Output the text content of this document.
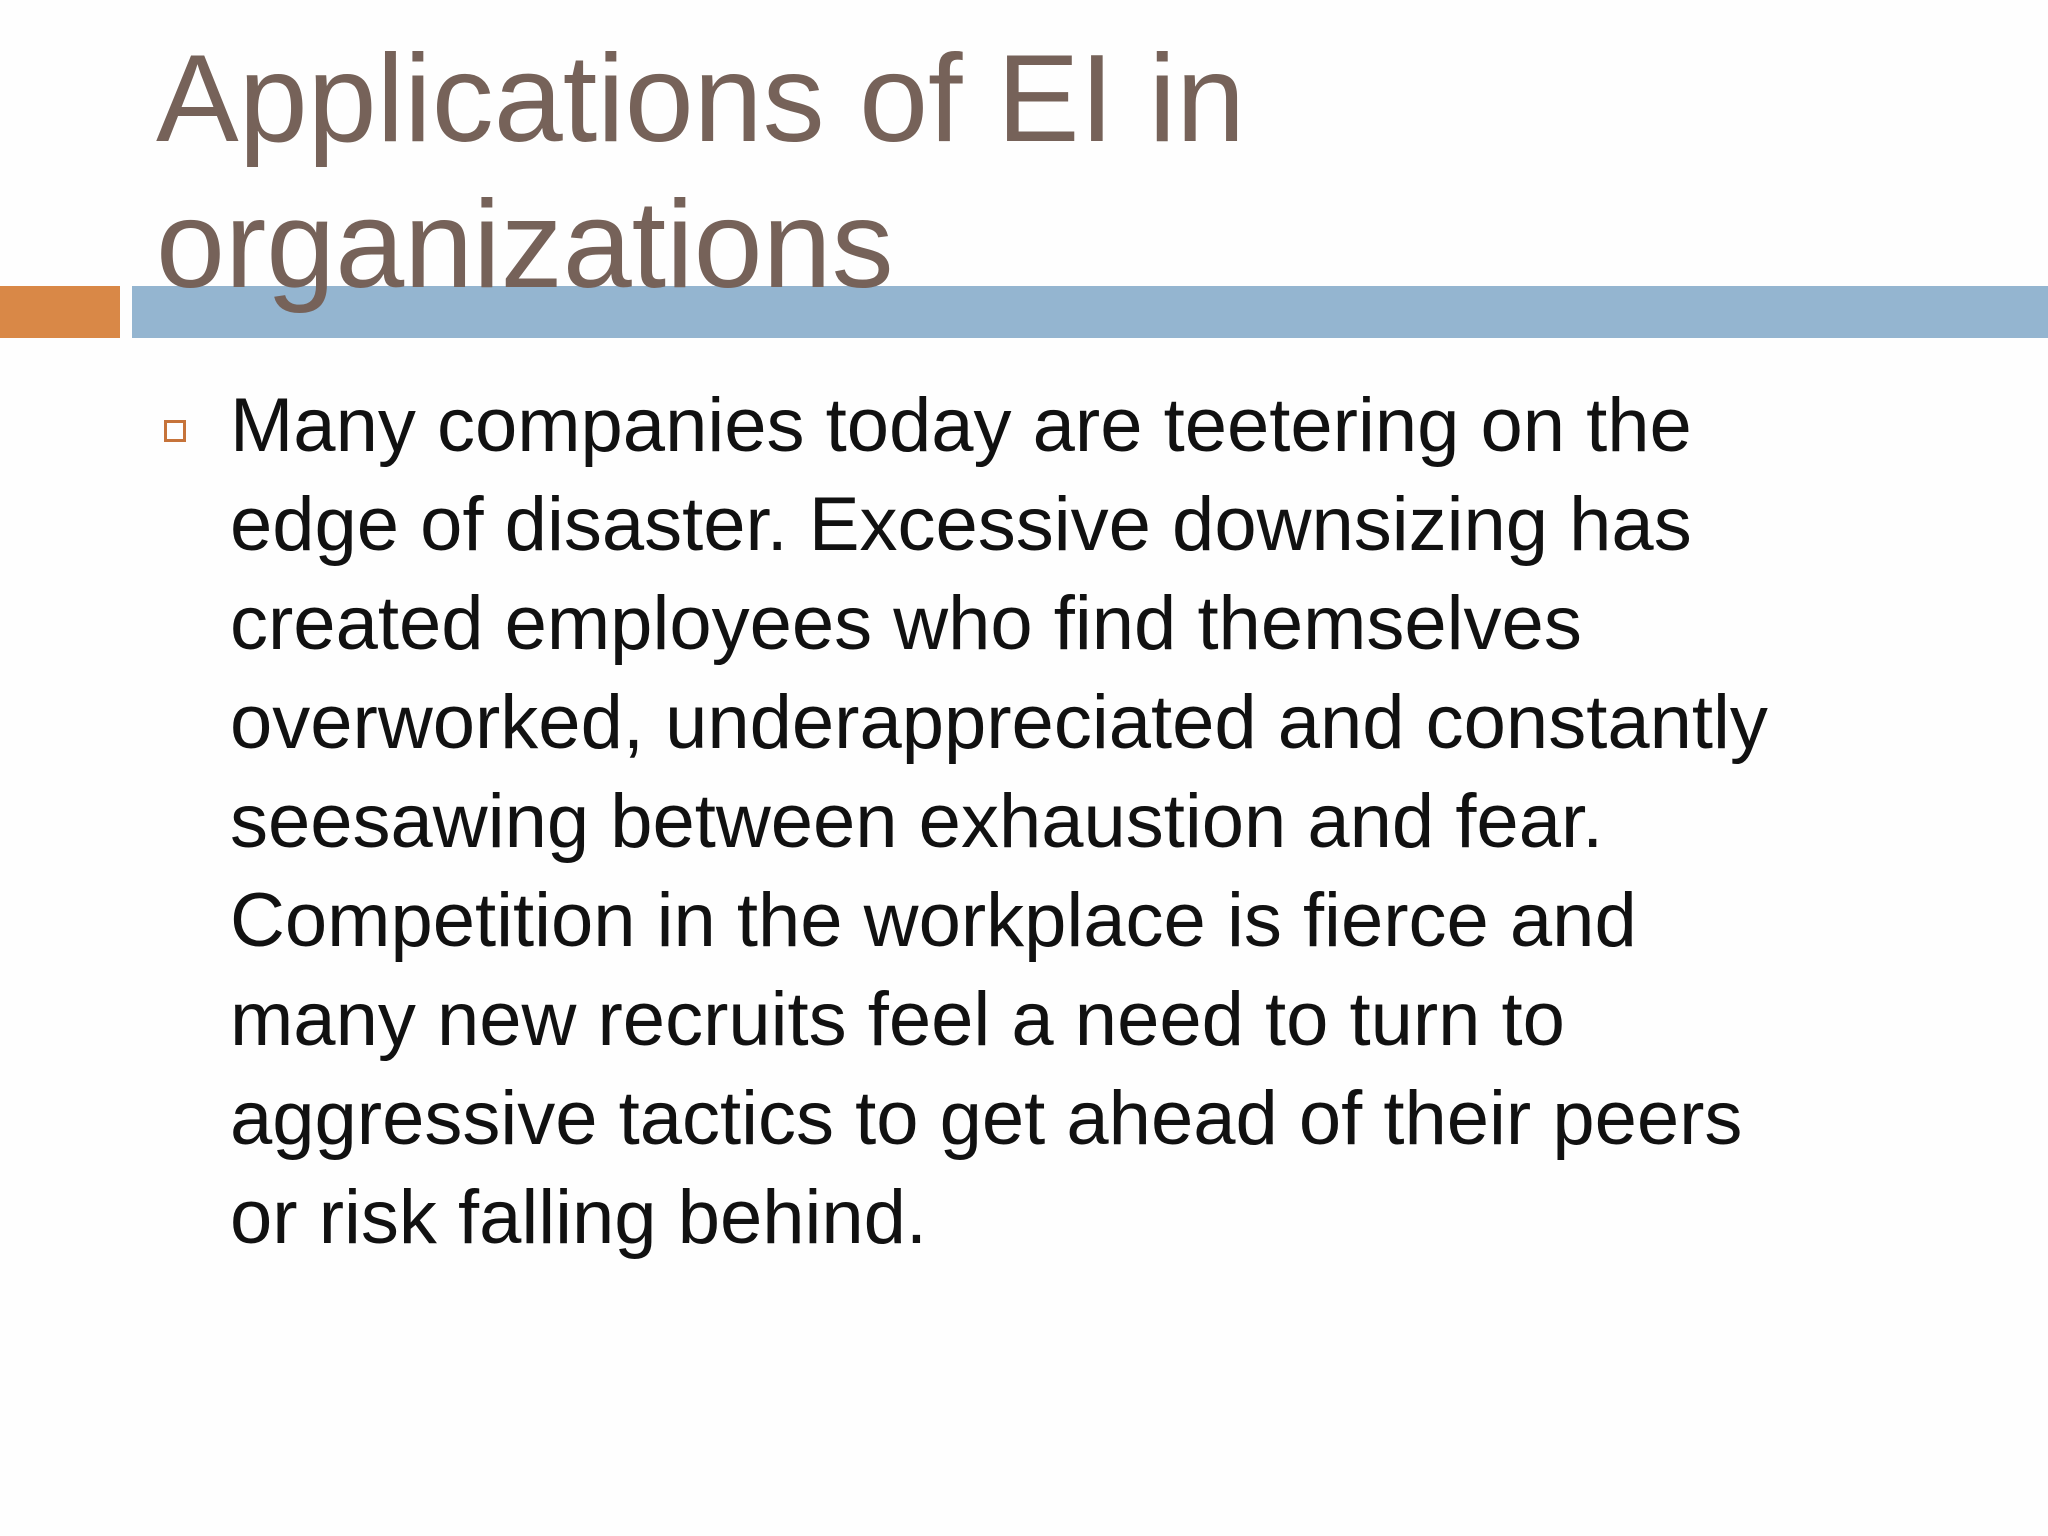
Applications of EI in
organizations

Many companies today are teetering on the
edge of disaster. Excessive downsizing has
created employees who find themselves
overworked, underappreciated and constantly
seesawing between exhaustion and fear.
Competition in the workplace is fierce and
many new recruits feel a need to turn to
aggressive tactics to get ahead of their peers
or risk falling behind.
